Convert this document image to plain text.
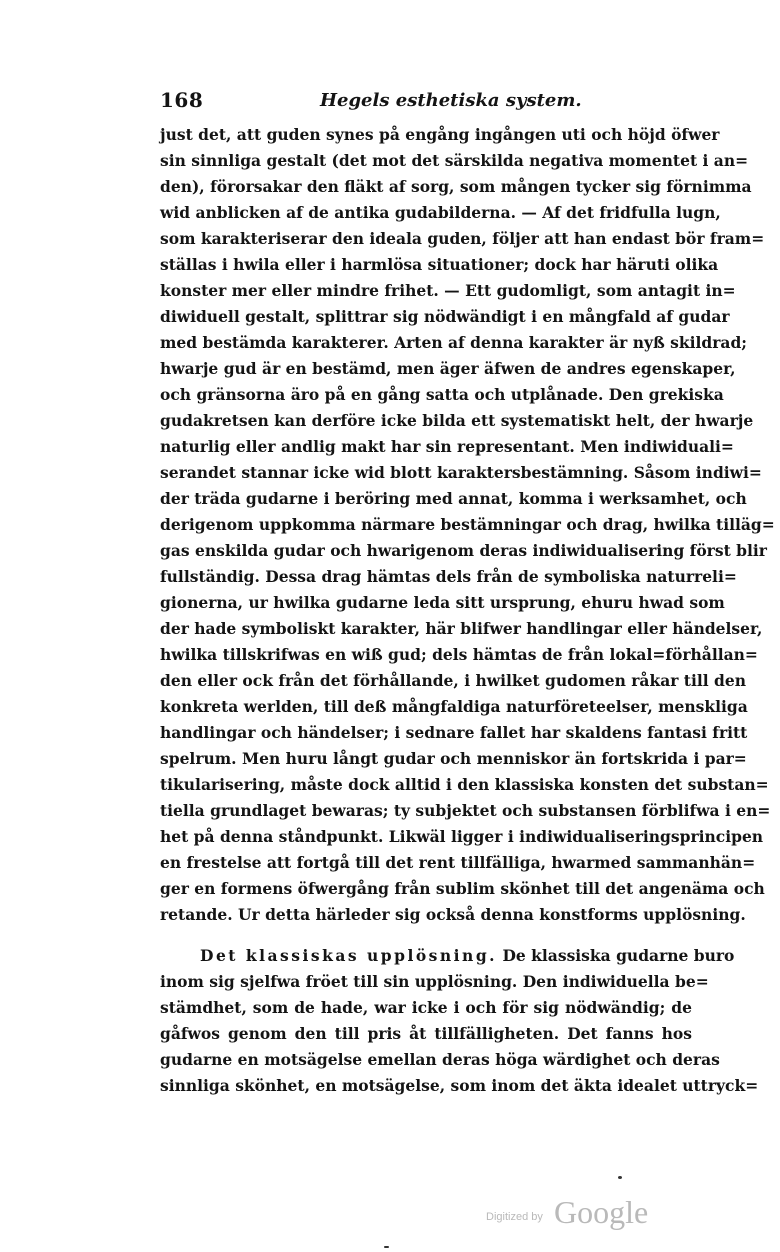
168	Hegels esthetiska system.
just det, att guden synes på engång ingången uti och höjd öfwer
sin sinnliga gestalt (det mot det särskilda negativa momentet i an=
den), förorsakar den fläkt af sorg, som mången tycker sig förnimma
wid anblicken af de antika gudabilderna. — Af det fridfulla lugn,
som karakteriserar den ideala guden, följer att han endast bör fram=
ställas i hwila eller i harmlösa situationer; dock har häruti olika
konster mer eller mindre frihet. — Ett gudomligt, som antagit in=
diwiduell gestalt, splittrar sig nödwändigt i en mångfald af gudar
med bestämda karakterer. Arten af denna karakter är nyß skildrad;
hwarje gud är en bestämd, men äger äfwen de andres egenskaper,
och gränsorna äro på en gång satta och utplånade. Den grekiska
gudakretsen kan derföre icke bilda ett systematiskt helt, der hwarje
naturlig eller andlig makt har sin representant. Men indiwiduali=
serandet stannar icke wid blott karaktersbestämning. Såsom indiwi=
der träda gudarne i beröring med annat, komma i werksamhet, och
derigenom uppkomma närmare bestämningar och drag, hwilka tilläg=
gas enskilda gudar och hwarigenom deras indiwidualisering först blir
fullständig. Dessa drag hämtas dels från de symboliska naturreli=
gionerna, ur hwilka gudarne leda sitt ursprung, ehuru hwad som
der hade symboliskt karakter, här blifwer handlingar eller händelser,
hwilka tillskrifwas en wiß gud; dels hämtas de från lokal=förhållan=
den eller ock från det förhållande, i hwilket gudomen råkar till den
konkreta werlden, till deß mångfaldiga naturföreteelser, menskliga
handlingar och händelser; i sednare fallet har skaldens fantasi fritt
spelrum. Men huru långt gudar och menniskor än fortskrida i par=
tikularisering, måste dock alltid i den klassiska konsten det substan=
tiella grundlaget bewaras; ty subjektet och substansen förblifwa i en=
het på denna ståndpunkt. Likwäl ligger i indiwidualiseringsprincipen
en frestelse att fortgå till det rent tillfälliga, hwarmed sammanhän=
ger en formens öfwergång från sublim skönhet till det angenäma och
retande. Ur detta härleder sig också denna konstforms upplösning.
Det klassiskas upplösning. De klassiska gudarne buro
inom sig sjelfwa fröet till sin upplösning. Den indiwiduella be=
stämdhet, som de hade, war icke i och för sig nödwändig; de
gåfwos genom den till pris åt tillfälligheten. Det fanns hos
gudarne en motsägelse emellan deras höga wärdighet och deras
sinnliga skönhet, en motsägelse, som inom det äkta idealet uttryck=
Digitized by Google
